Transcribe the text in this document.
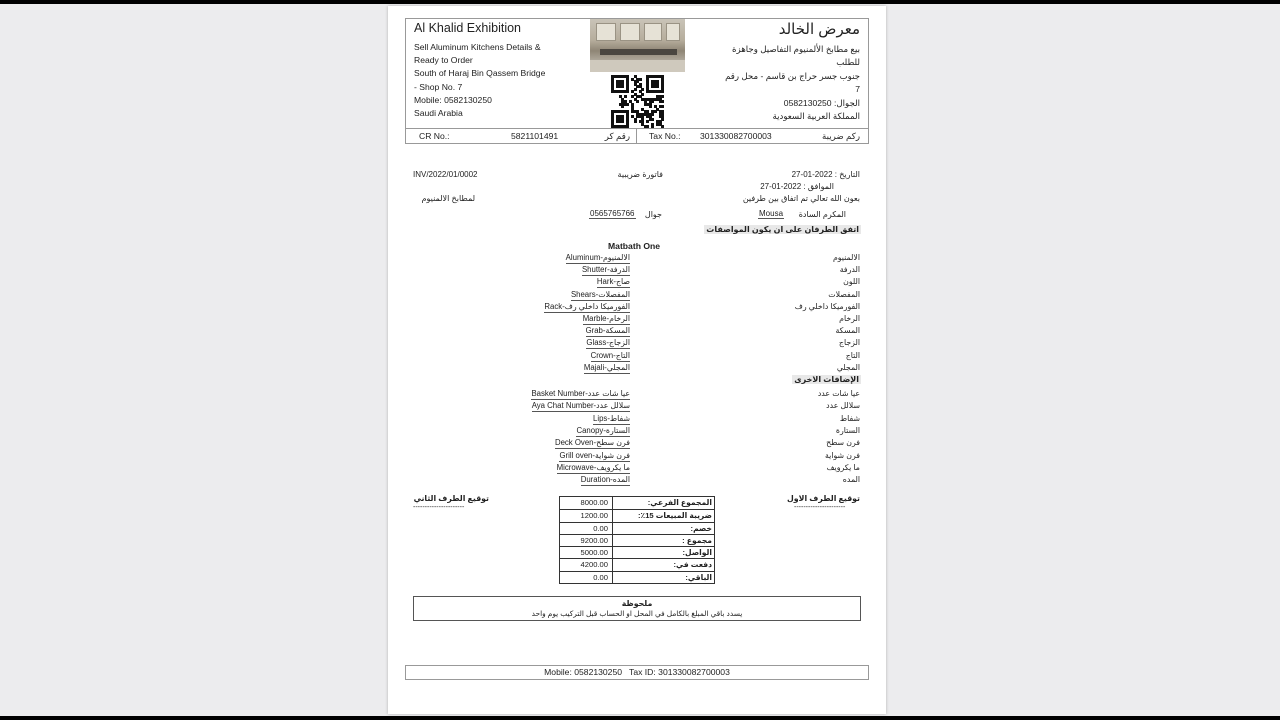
Al Khalid Exhibition
Sell Aluminum Kitchens Details &
Ready to Order
South of Haraj Bin Qassem Bridge
- Shop No. 7
Mobile: 0582130250
Saudi Arabia
معرض الخالد
بيع مطابخ الألمنيوم التفاصيل وجاهزة
للطلب
جنوب جسر حراج بن قاسم - محل رقم
7
الجوال: 0582130250
المملكة العربية السعودية
CR No.:	5821101491	رقم كر Tax No.: 301330082700003	ركم ضريبة
INV/2022/01/0002	فاتورة ضريبية	التاريخ : 2022-01-27
الموافق : 2022-01-27
بعون الله تعالي تم اتفاق بين طرفين
لمطابخ الالمنيوم
المكرم السادة
Mousa
جوال
0565765766
اتفق الطرفان على ان يكون المواصفات
Matbath One
الالمنيوم-Aluminum	الالمنيوم
الدرفة-Shutter	الدرفة
صاج-Hark	اللون
المفصلات-Shears	المفصلات
الفورميكا داخلي رف-Rack	الفورميكا داخلي رف
الرخام-Marble	الرخام
المسكة-Grab	المسكة
الزجاج-Glass	الزجاج
التاج-Crown	التاج
المجلي-Majali	المجلي
الإضافات الاخرى
عيا شات عدد-Basket Number	عيا شات عدد
سلالل عدد-Aya Chat Number	سلالل عدد
شفاط-Lips	شفاط
الستارة-Canopy	الستارة
فرن سطح-Deck Oven	فرن سطح
فرن شواية-Grill oven	فرن شواية
ما يكرويف-Microwave	ما يكرويف
المده-Duration	المده
توقيع الطرف الثاني
----------------------
توقيع الطرف الاول
----------------------
8000.00	المجموع الفرعي:
1200.00	ضريبة المبيعات 15٪:
0.00	خصم:
9200.00	مجموع :
5000.00	الواصل:
4200.00	دفعت في:
0.00	الباقي:
ملحوظة
يسدد باقي المبلغ بالكامل في المحل او الحساب قبل التركيب يوم واحد
Mobile: 0582130250   Tax ID: 301330082700003
